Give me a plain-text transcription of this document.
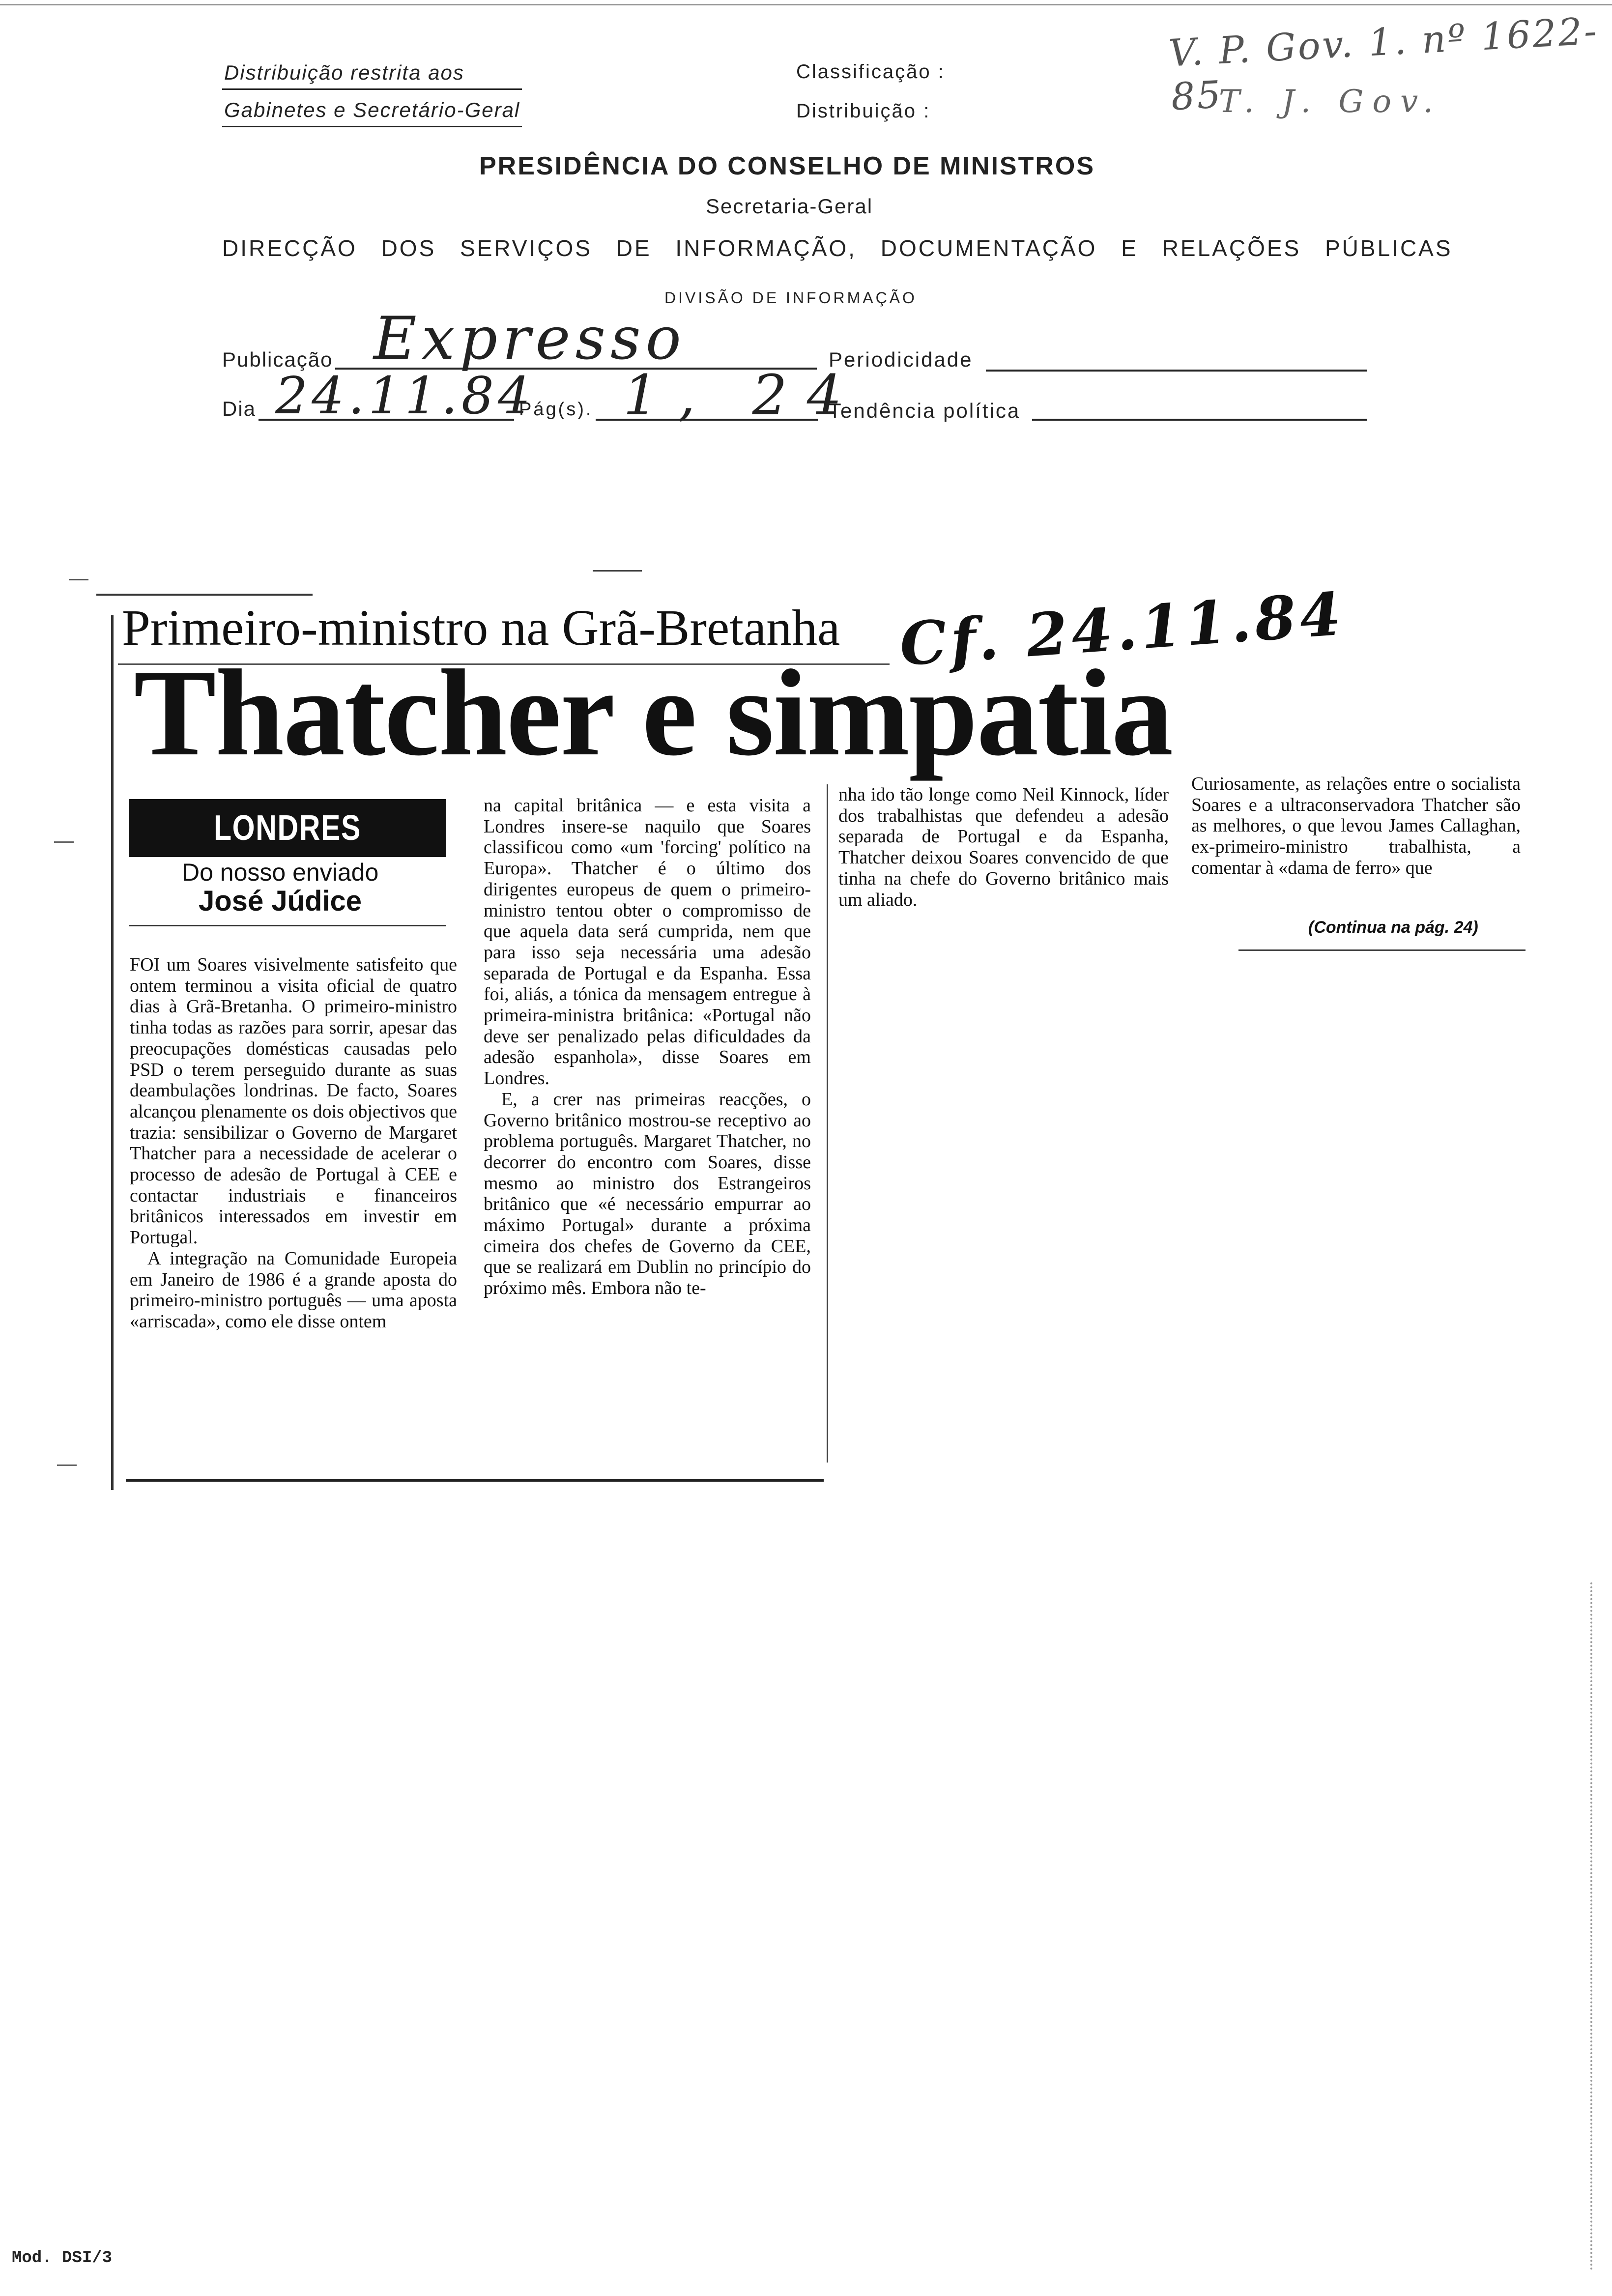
Distribuição restrita aos
Gabinetes e Secretário-Geral
Classificação :
Distribuição :
V. P. Gov. 1. nº 1622-85
T. J. Gov.
PRESIDÊNCIA DO CONSELHO DE MINISTROS
Secretaria-Geral
DIRECÇÃO DOS SERVIÇOS DE INFORMAÇÃO, DOCUMENTAÇÃO E RELAÇÕES PÚBLICAS
DIVISÃO DE INFORMAÇÃO
Publicação Expresso	Periodicidade
Dia 24.11.84
Pág(s). 1, 24
Tendência política
Primeiro-ministro na Grã-Bretanha Cf. 24.11.84
Thatcher e simpatia
LONDRES
Do nosso enviado
José Júdice

FOI um Soares visivelmente satisfeito que ontem terminou a visita oficial de quatro dias à Grã-Bretanha. O primeiro-ministro tinha todas as razões para sorrir, apesar das preocupações domésticas causadas pelo PSD o terem perseguido durante as suas deambulações londrinas. De facto, Soares alcançou plenamente os dois objectivos que trazia: sensibilizar o Governo de Margaret Thatcher para a necessidade de acelerar o processo de adesão de Portugal à CEE e contactar industriais e financeiros britânicos interessados em investir em Portugal.

A integração na Comunidade Europeia em Janeiro de 1986 é a grande aposta do primeiro-ministro português — uma aposta «arriscada», como ele disse ontem

na capital britânica — e esta visita a Londres insere-se naquilo que Soares classificou como «um 'forcing' político na Europa». Thatcher é o último dos dirigentes europeus de quem o primeiro-ministro tentou obter o compromisso de que aquela data será cumprida, nem que para isso seja necessária uma adesão separada de Portugal e da Espanha. Essa foi, aliás, a tónica da mensagem entregue à primeira-ministra britânica: «Portugal não deve ser penalizado pelas dificuldades da adesão espanhola», disse Soares em Londres.

E, a crer nas primeiras reacções, o Governo britânico mostrou-se receptivo ao problema português. Margaret Thatcher, no decorrer do encontro com Soares, disse mesmo ao ministro dos Estrangeiros britânico que «é necessário empurrar ao máximo Portugal» durante a próxima cimeira dos chefes de Governo da CEE, que se realizará em Dublin no princípio do próximo mês. Embora não te-

nha ido tão longe como Neil Kinnock, líder dos trabalhistas que defendeu a adesão separada de Portugal e da Espanha, Thatcher deixou Soares convencido de que tinha na chefe do Governo britânico mais um aliado.

Curiosamente, as relações entre o socialista Soares e a ultraconservadora Thatcher são as melhores, o que levou James Callaghan, ex-primeiro-ministro trabalhista, a comentar à «dama de ferro» que

(Continua na pág. 24)
Mod. DSI/3
